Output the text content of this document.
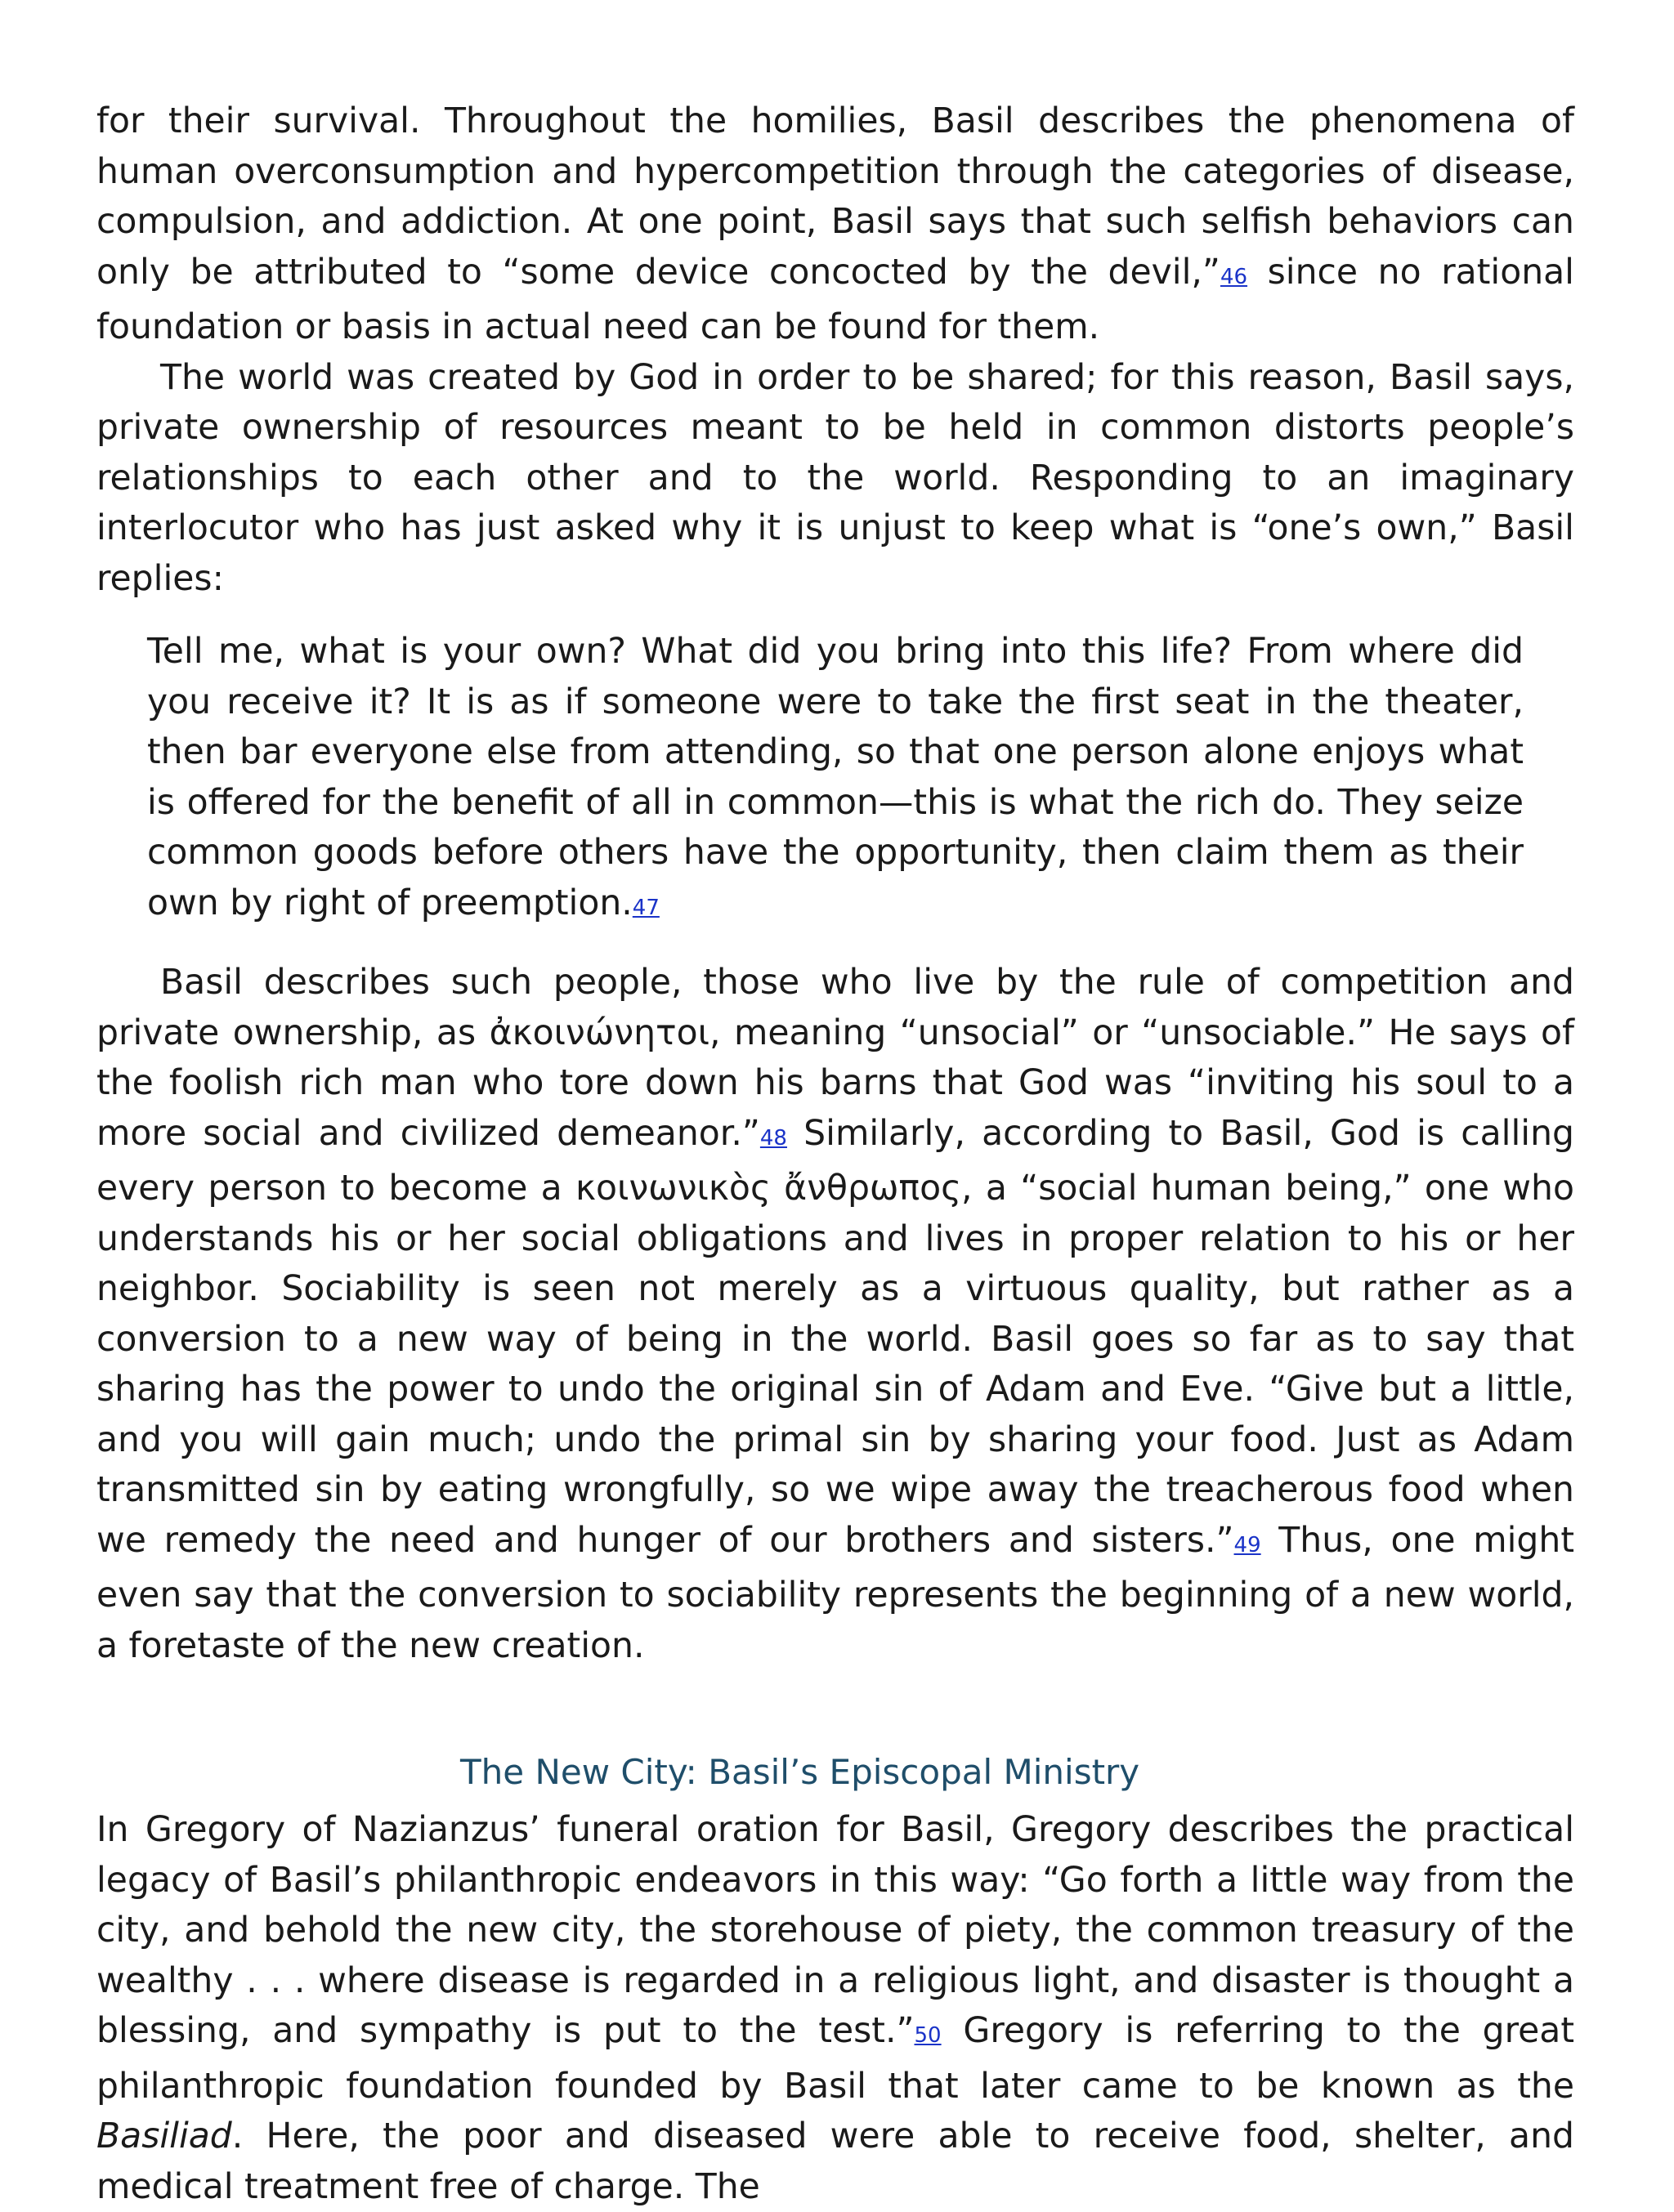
for their survival. Throughout the homilies, Basil describes the phenomena of human overconsumption and hypercompetition through the categories of disease, compulsion, and addiction. At one point, Basil says that such selfish behaviors can only be attributed to “some device concocted by the devil,”46 since no rational foundation or basis in actual need can be found for them.

The world was created by God in order to be shared; for this reason, Basil says, private ownership of resources meant to be held in common distorts people’s relationships to each other and to the world. Responding to an imaginary interlocutor who has just asked why it is unjust to keep what is “one’s own,” Basil replies:

Tell me, what is your own? What did you bring into this life? From where did you receive it? It is as if someone were to take the first seat in the theater, then bar everyone else from attending, so that one person alone enjoys what is offered for the benefit of all in common—this is what the rich do. They seize common goods before others have the opportunity, then claim them as their own by right of preemption.47

Basil describes such people, those who live by the rule of competition and private ownership, as ἀκοινώνητοι, meaning “unsocial” or “unsociable.” He says of the foolish rich man who tore down his barns that God was “inviting his soul to a more social and civilized demeanor.”48 Similarly, according to Basil, God is calling every person to become a κοινωνικὸς ἄνθρωπος, a “social human being,” one who understands his or her social obligations and lives in proper relation to his or her neighbor. Sociability is seen not merely as a virtuous quality, but rather as a conversion to a new way of being in the world. Basil goes so far as to say that sharing has the power to undo the original sin of Adam and Eve. “Give but a little, and you will gain much; undo the primal sin by sharing your food. Just as Adam transmitted sin by eating wrongfully, so we wipe away the treacherous food when we remedy the need and hunger of our brothers and sisters.”49 Thus, one might even say that the conversion to sociability represents the beginning of a new world, a foretaste of the new creation.

The New City: Basil’s Episcopal Ministry

In Gregory of Nazianzus’ funeral oration for Basil, Gregory describes the practical legacy of Basil’s philanthropic endeavors in this way: “Go forth a little way from the city, and behold the new city, the storehouse of piety, the common treasury of the wealthy . . . where disease is regarded in a religious light, and disaster is thought a blessing, and sympathy is put to the test.”50 Gregory is referring to the great philanthropic foundation founded by Basil that later came to be known as the Basiliad. Here, the poor and diseased were able to receive food, shelter, and medical treatment free of charge. The
